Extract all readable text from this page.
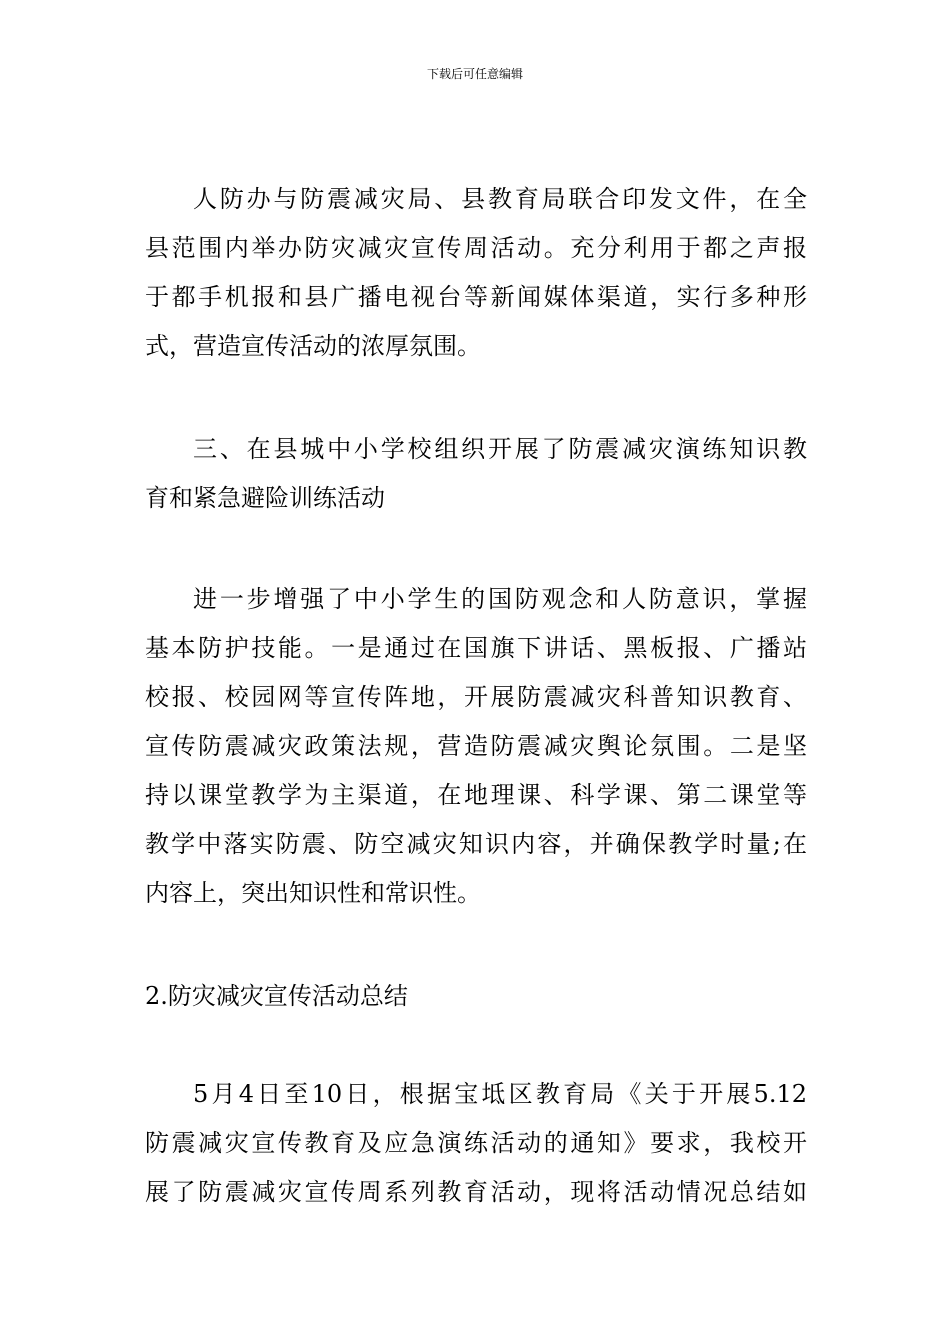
下载后可任意编辑
人防办与防震减灾局、县教育局联合印发文件，在全
县范围内举办防灾减灾宣传周活动。充分利用于都之声报
于都手机报和县广播电视台等新闻媒体渠道，实行多种形
式，营造宣传活动的浓厚氛围。
三、在县城中小学校组织开展了防震减灾演练知识教
育和紧急避险训练活动
进一步增强了中小学生的国防观念和人防意识，掌握
基本防护技能。一是通过在国旗下讲话、黑板报、广播站
校报、校园网等宣传阵地，开展防震减灾科普知识教育、
宣传防震减灾政策法规，营造防震减灾舆论氛围。二是坚
持以课堂教学为主渠道，在地理课、科学课、第二课堂等
教学中落实防震、防空减灾知识内容，并确保教学时量;在
内容上，突出知识性和常识性。
2.防灾减灾宣传活动总结
5月4日至10日，根据宝坻区教育局《关于开展5.12
防震减灾宣传教育及应急演练活动的通知》要求，我校开
展了防震减灾宣传周系列教育活动，现将活动情况总结如
